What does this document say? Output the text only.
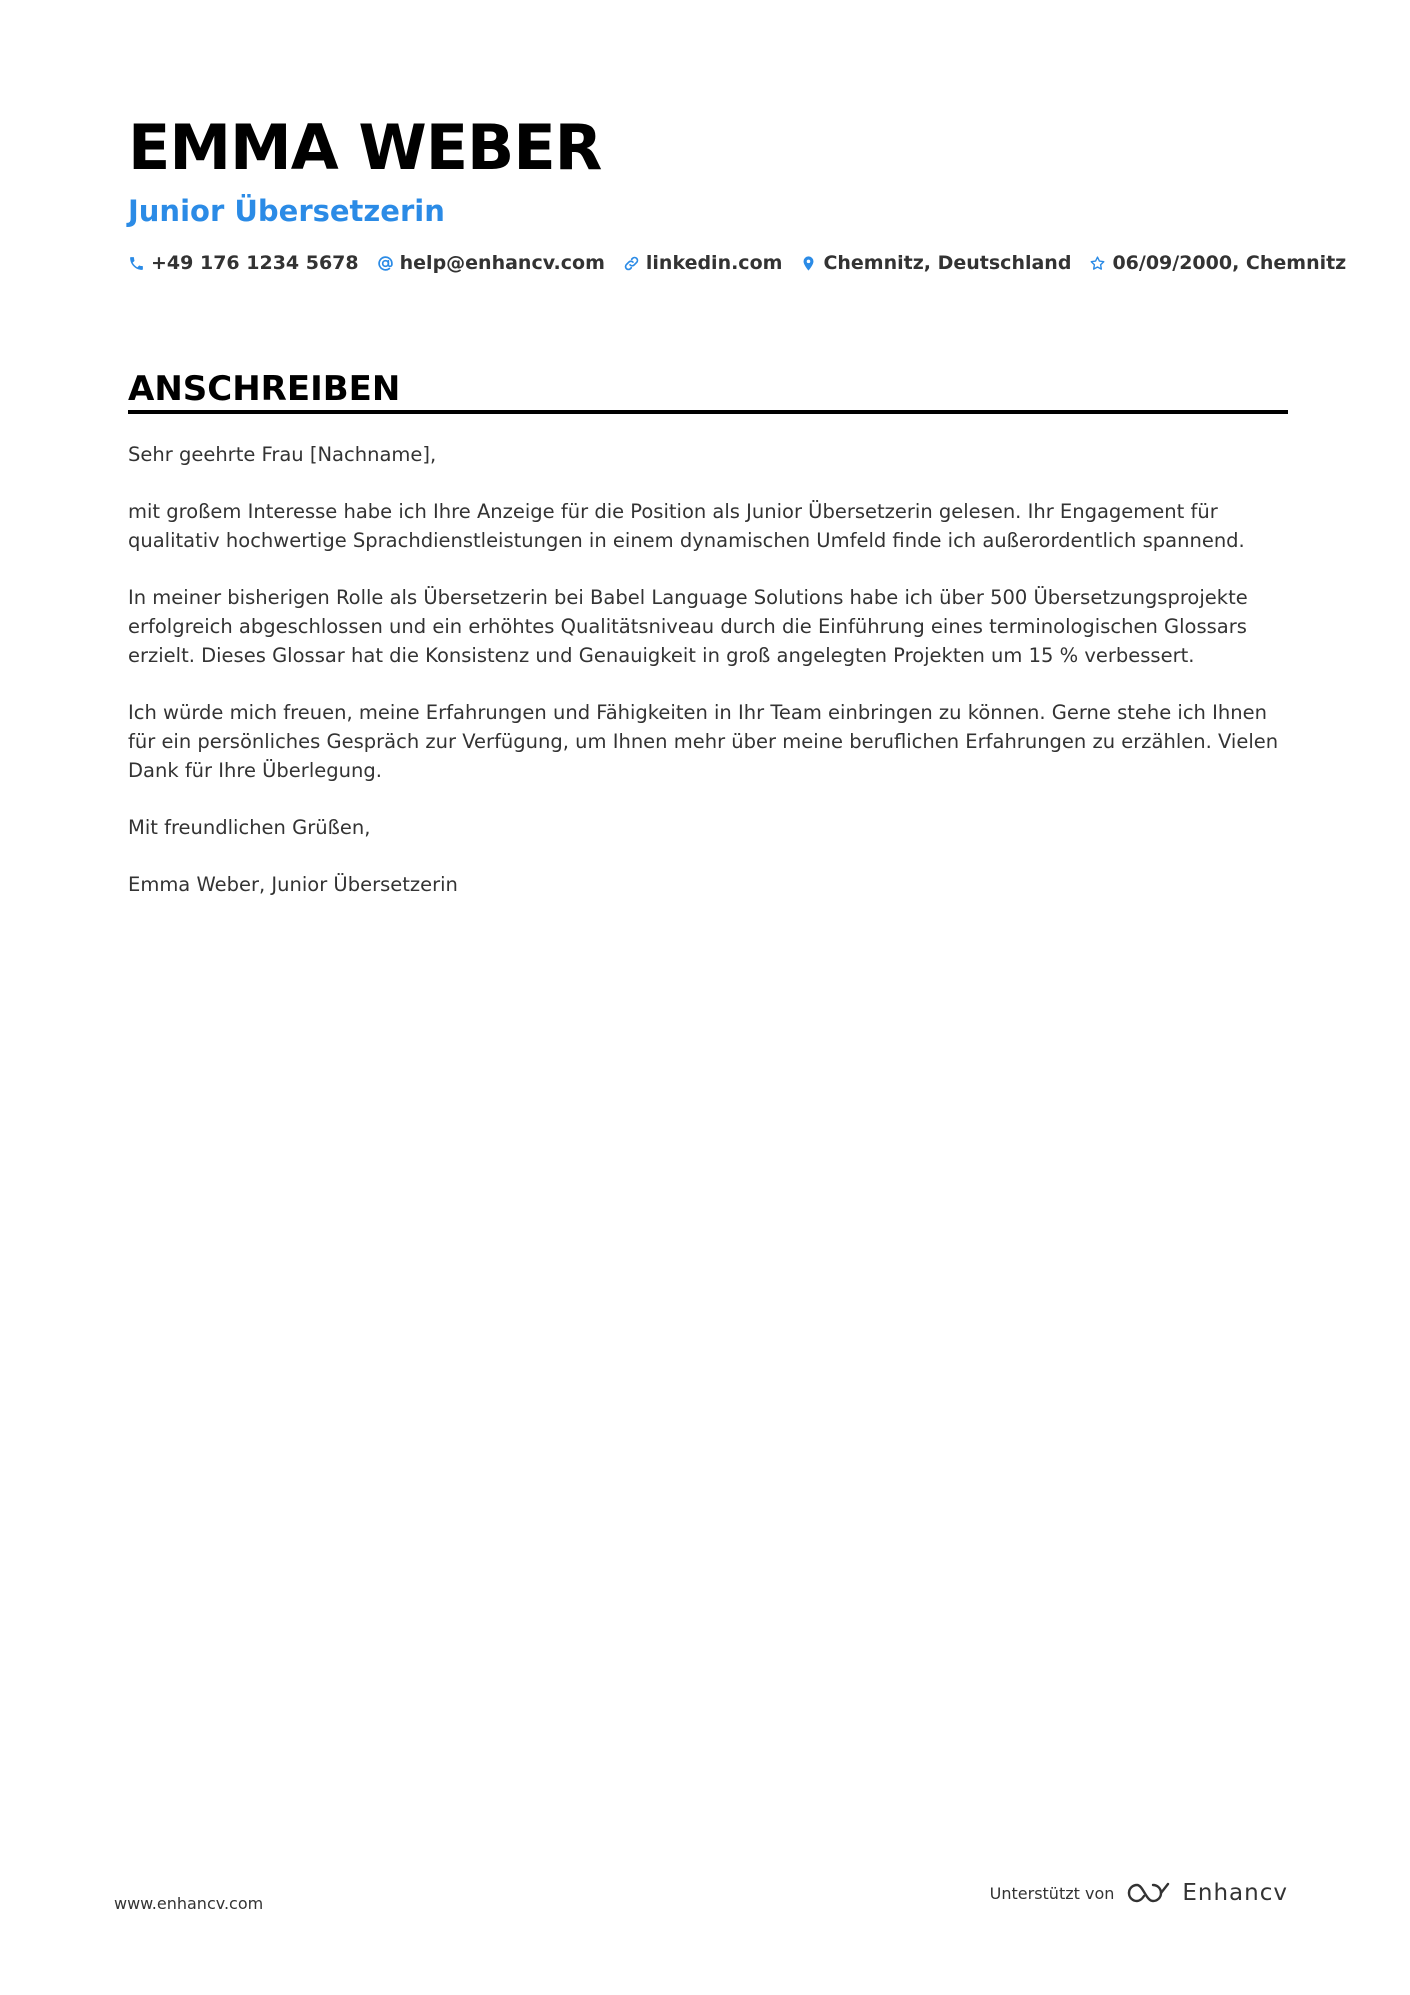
EMMA WEBER
Junior Übersetzerin
+49 176 1234 5678 help@enhancv.com linkedin.com Chemnitz, Deutschland 06/09/2000, Chemnitz
ANSCHREIBEN

Sehr geehrte Frau [Nachname],

mit großem Interesse habe ich Ihre Anzeige für die Position als Junior Übersetzerin gelesen. Ihr Engagement für qualitativ hochwertige Sprachdienstleistungen in einem dynamischen Umfeld finde ich außerordentlich spannend.

In meiner bisherigen Rolle als Übersetzerin bei Babel Language Solutions habe ich über 500 Übersetzungsprojekte erfolgreich abgeschlossen und ein erhöhtes Qualitätsniveau durch die Einführung eines terminologischen Glossars erzielt. Dieses Glossar hat die Konsistenz und Genauigkeit in groß angelegten Projekten um 15 % verbessert.

Ich würde mich freuen, meine Erfahrungen und Fähigkeiten in Ihr Team einbringen zu können. Gerne stehe ich Ihnen für ein persönliches Gespräch zur Verfügung, um Ihnen mehr über meine beruflichen Erfahrungen zu erzählen. Vielen Dank für Ihre Überlegung.

Mit freundlichen Grüßen,

Emma Weber, Junior Übersetzerin

www.enhancv.com
Unterstützt von	Enhancv
